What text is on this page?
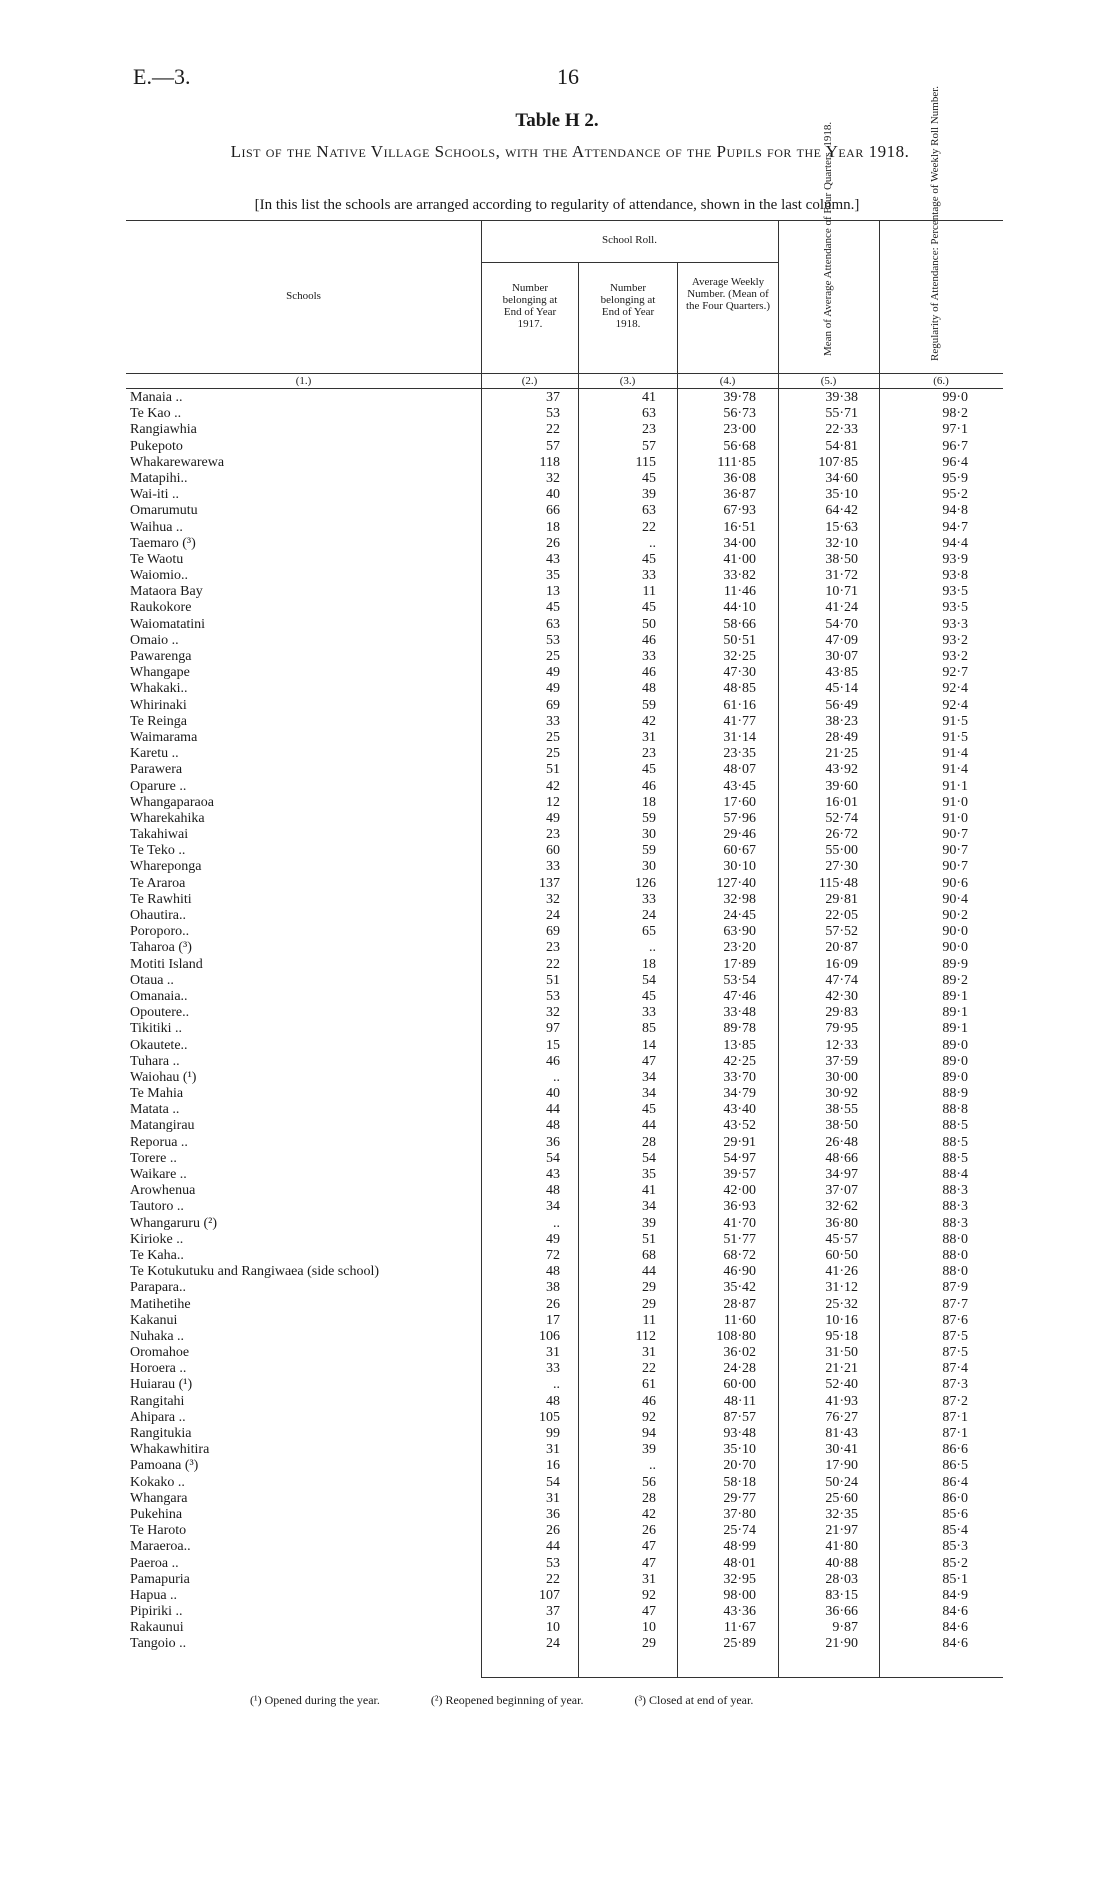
E.—3.	16
Table H 2.
List of the Native Village Schools, with the Attendance of the Pupils for the Year 1918.
[In this list the schools are arranged according to regularity of attendance, shown in the last column.]
Schools
School Roll.
Number belonging at End of Year 1917.
Number belonging at End of Year 1918.
Average Weekly Number. (Mean of the Four Quarters.)	Mean of Average Attendance of Four Quarters, 1918.	Regularity of Attendance: Percentage of Weekly Roll Number.
(1.)	(2.)	(3.)	(4.)	(5.)	(6.)
Manaia ..	37	41	39·78	39·38	99·0
Te Kao ..	53	63	56·73	55·71	98·2
Rangiawhia	22	23	23·00	22·33	97·1
Pukepoto	57	57	56·68	54·81	96·7
Whakarewarewa	118	115	111·85	107·85	96·4
Matapihi..	32	45	36·08	34·60	95·9
Wai-iti ..	40	39	36·87	35·10	95·2
Omarumutu	66	63	67·93	64·42	94·8
Waihua ..	18	22	16·51	15·63	94·7
Taemaro (³)	26	..	34·00	32·10	94·4
Te Waotu	43	45	41·00	38·50	93·9
Waiomio..	35	33	33·82	31·72	93·8
Mataora Bay	13	11	11·46	10·71	93·5
Raukokore	45	45	44·10	41·24	93·5
Waiomatatini	63	50	58·66	54·70	93·3
Omaio ..	53	46	50·51	47·09	93·2
Pawarenga	25	33	32·25	30·07	93·2
Whangape	49	46	47·30	43·85	92·7
Whakaki..	49	48	48·85	45·14	92·4
Whirinaki	69	59	61·16	56·49	92·4
Te Reinga	33	42	41·77	38·23	91·5
Waimarama	25	31	31·14	28·49	91·5
Karetu ..	25	23	23·35	21·25	91·4
Parawera	51	45	48·07	43·92	91·4
Oparure ..	42	46	43·45	39·60	91·1
Whangaparaoa	12	18	17·60	16·01	91·0
Wharekahika	49	59	57·96	52·74	91·0
Takahiwai	23	30	29·46	26·72	90·7
Te Teko ..	60	59	60·67	55·00	90·7
Whareponga	33	30	30·10	27·30	90·7
Te Araroa	137	126	127·40	115·48	90·6
Te Rawhiti	32	33	32·98	29·81	90·4
Ohautira..	24	24	24·45	22·05	90·2
Poroporo..	69	65	63·90	57·52	90·0
Taharoa (³)	23	..	23·20	20·87	90·0
Motiti Island	22	18	17·89	16·09	89·9
Otaua ..	51	54	53·54	47·74	89·2
Omanaia..	53	45	47·46	42·30	89·1
Opoutere..	32	33	33·48	29·83	89·1
Tikitiki ..	97	85	89·78	79·95	89·1
Okautete..	15	14	13·85	12·33	89·0
Tuhara ..	46	47	42·25	37·59	89·0
Waiohau (¹)	..	34	33·70	30·00	89·0
Te Mahia	40	34	34·79	30·92	88·9
Matata ..	44	45	43·40	38·55	88·8
Matangirau	48	44	43·52	38·50	88·5
Reporua ..	36	28	29·91	26·48	88·5
Torere ..	54	54	54·97	48·66	88·5
Waikare ..	43	35	39·57	34·97	88·4
Arowhenua	48	41	42·00	37·07	88·3
Tautoro ..	34	34	36·93	32·62	88·3
Whangaruru (²)	..	39	41·70	36·80	88·3
Kirioke ..	49	51	51·77	45·57	88·0
Te Kaha..	72	68	68·72	60·50	88·0
Te Kotukutuku and Rangiwaea (side school)	48	44	46·90	41·26	88·0
Parapara..	38	29	35·42	31·12	87·9
Matihetihe	26	29	28·87	25·32	87·7
Kakanui	17	11	11·60	10·16	87·6
Nuhaka ..	106	112	108·80	95·18	87·5
Oromahoe	31	31	36·02	31·50	87·5
Horoera ..	33	22	24·28	21·21	87·4
Huiarau (¹)	..	61	60·00	52·40	87·3
Rangitahi	48	46	48·11	41·93	87·2
Ahipara ..	105	92	87·57	76·27	87·1
Rangitukia	99	94	93·48	81·43	87·1
Whakawhitira	31	39	35·10	30·41	86·6
Pamoana (³)	16	..	20·70	17·90	86·5
Kokako ..	54	56	58·18	50·24	86·4
Whangara	31	28	29·77	25·60	86·0
Pukehina	36	42	37·80	32·35	85·6
Te Haroto	26	26	25·74	21·97	85·4
Maraeroa..	44	47	48·99	41·80	85·3
Paeroa ..	53	47	48·01	40·88	85·2
Pamapuria	22	31	32·95	28·03	85·1
Hapua ..	107	92	98·00	83·15	84·9
Pipiriki ..	37	47	43·36	36·66	84·6
Rakaunui	10	10	11·67	9·87	84·6
Tangoio ..	24	29	25·89	21·90	84·6
(¹) Opened during the year.	(²) Reopened beginning of year.	(³) Closed at end of year.
